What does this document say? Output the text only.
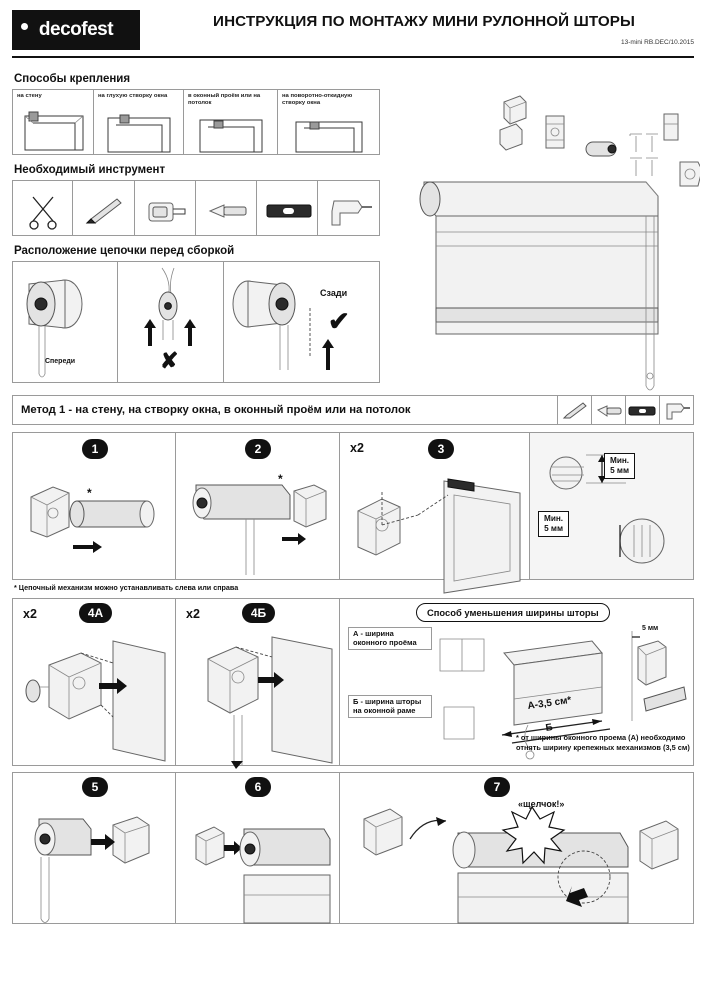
decofest	ИНСТРУКЦИЯ ПО МОНТАЖУ МИНИ РУЛОННОЙ ШТОРЫ
13-mini RB.DEC/10.2015
Способы крепления
на стену	на глухую створку окна	в оконный проём или на потолок
на поворотно-откидную створку окна
Необходимый инструмент
Расположение цепочки перед сборкой
Спереди	✘
Сзади
✔
Метод 1 - на стену, на створку окна, в оконный проём или на потолок
1
*
2
*
x2	3
Мин.
5 мм
Мин.
5 мм
* Цепочный механизм можно устанавливать слева или справа
x2	4А	x2	4Б	Способ уменьшения ширины шторы
А - ширина
оконного проёма
Б - ширина шторы
на оконной раме	А-3,5 см*
Б
5 мм
* от ширины оконного проема (А) необходимо
отнять ширину крепежных механизмов (3,5 см)
5	6	7
«щелчок!»
